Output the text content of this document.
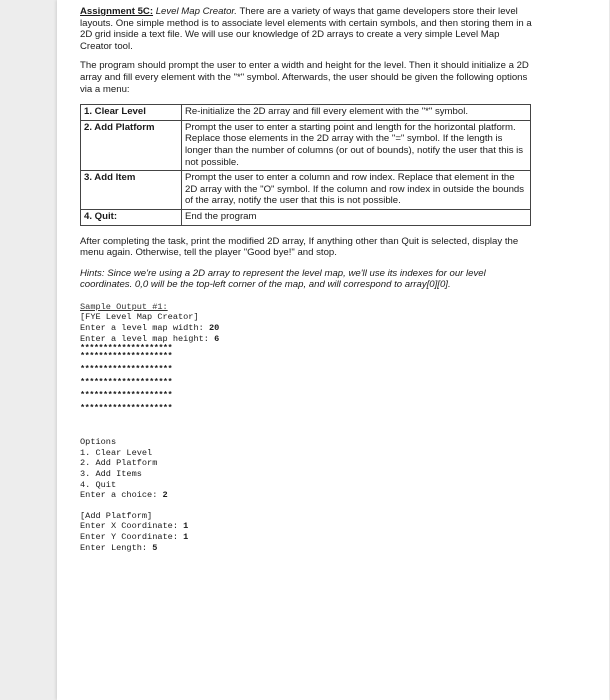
Assignment 5C: Level Map Creator. There are a variety of ways that game developers store their level layouts. One simple method is to associate level elements with certain symbols, and then storing them in a 2D grid inside a text file. We will use our knowledge of 2D arrays to create a very simple Level Map Creator tool.

The program should prompt the user to enter a width and height for the level. Then it should initialize a 2D array and fill every element with the "*" symbol. Afterwards, the user should be given the following options via a menu:

1. Clear Level	Re-initialize the 2D array and fill every element with the "*" symbol.
2. Add Platform	Prompt the user to enter a starting point and length for the horizontal platform. Replace those elements in the 2D array with the "=" symbol. If the length is longer than the number of columns (or out of bounds), notify the user that this is not possible.
3. Add Item	Prompt the user to enter a column and row index. Replace that element in the 2D array with the "O" symbol. If the column and row index in outside the bounds of the array, notify the user that this is not possible.
4. Quit:	End the program

After completing the task, print the modified 2D array, If anything other than Quit is selected, display the menu again. Otherwise, tell the player "Good bye!" and stop.

Hints: Since we're using a 2D array to represent the level map, we'll use its indexes for our level coordinates. 0,0 will be the top-left corner of the map, and will correspond to array[0][0].

Sample Output #1:
[FYE Level Map Creator]
Enter a level map width: 20
Enter a level map height: 6
********************
********************
********************
********************
********************
********************
Options
1. Clear Level
2. Add Platform
3. Add Items
4. Quit
Enter a choice: 2
[Add Platform]
Enter X Coordinate: 1
Enter Y Coordinate: 1
Enter Length: 5
